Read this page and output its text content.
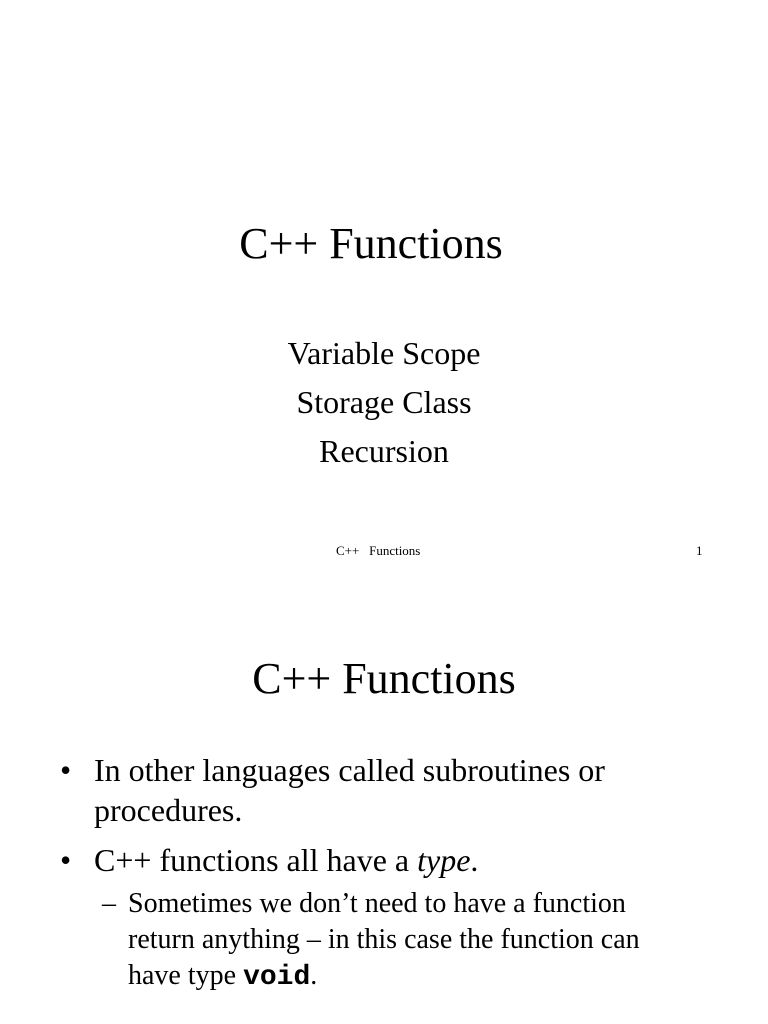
C++ Functions
Variable Scope
Storage Class
Recursion
C++   Functions	1
C++ Functions
• In other languages called subroutines or
procedures.
• C++ functions all have a type.
– Sometimes we don’t need to have a function
return anything – in this case the function can
have type void.
